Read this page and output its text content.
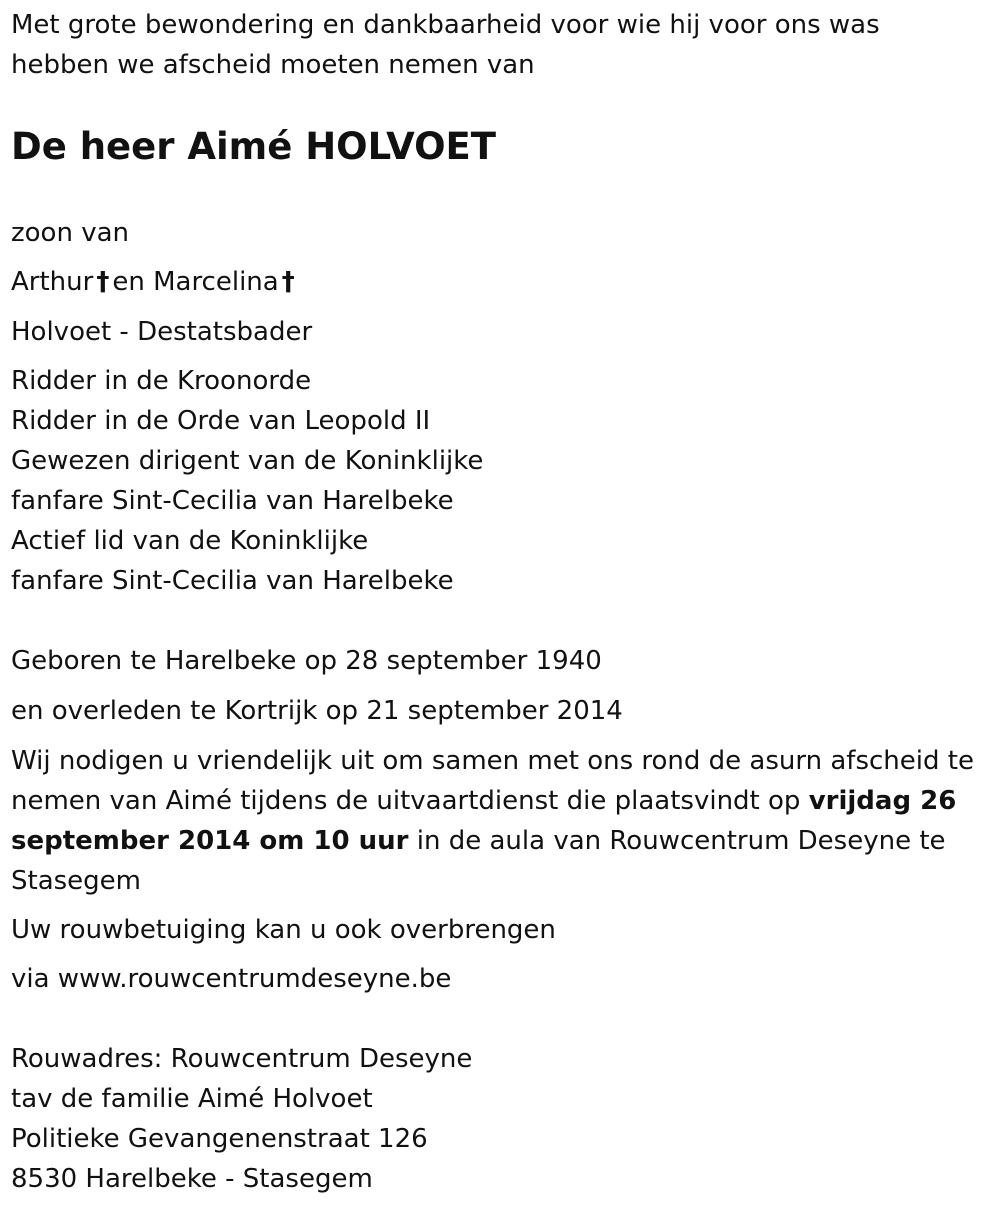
Met grote bewondering en dankbaarheid voor wie hij voor ons was
hebben we afscheid moeten nemen van
De heer Aimé HOLVOET
zoon van
Arthur † en Marcelina †
Holvoet - Destatsbader
Ridder in de Kroonorde
Ridder in de Orde van Leopold II
Gewezen dirigent van de Koninklijke
fanfare Sint-Cecilia van Harelbeke
Actief lid van de Koninklijke
fanfare Sint-Cecilia van Harelbeke
Geboren te Harelbeke op 28 september 1940
en overleden te Kortrijk op 21 september 2014
Wij nodigen u vriendelijk uit om samen met ons rond de asurn afscheid te nemen van Aimé tijdens de uitvaartdienst die plaatsvindt op vrijdag 26 september 2014 om 10 uur in de aula van Rouwcentrum Deseyne te Stasegem
Uw rouwbetuiging kan u ook overbrengen
via www.rouwcentrumdeseyne.be
Rouwadres: Rouwcentrum Deseyne
tav de familie Aimé Holvoet
Politieke Gevangenenstraat 126
8530 Harelbeke - Stasegem
